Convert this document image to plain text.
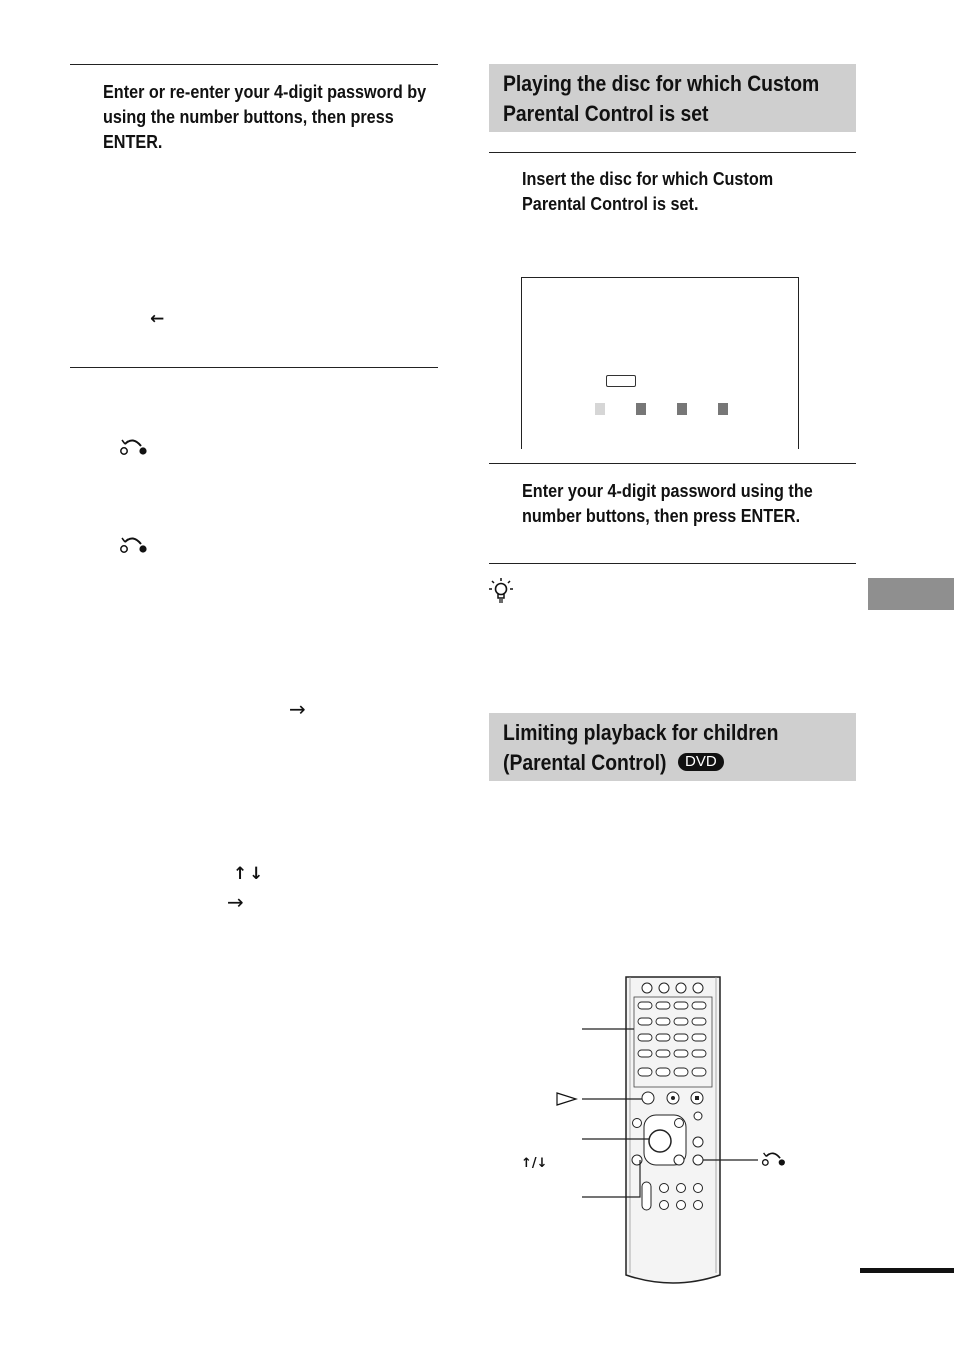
Enter or re-enter your 4-digit password by using the number buttons, then press ENTER.
←
→
↑ ↓
→
Playing the disc for which Custom Parental Control is set
Insert the disc for which Custom Parental Control is set.
Enter your 4-digit password using the number buttons, then press ENTER.
Limiting playback for children (Parental Control)	DVD
↑/↓
